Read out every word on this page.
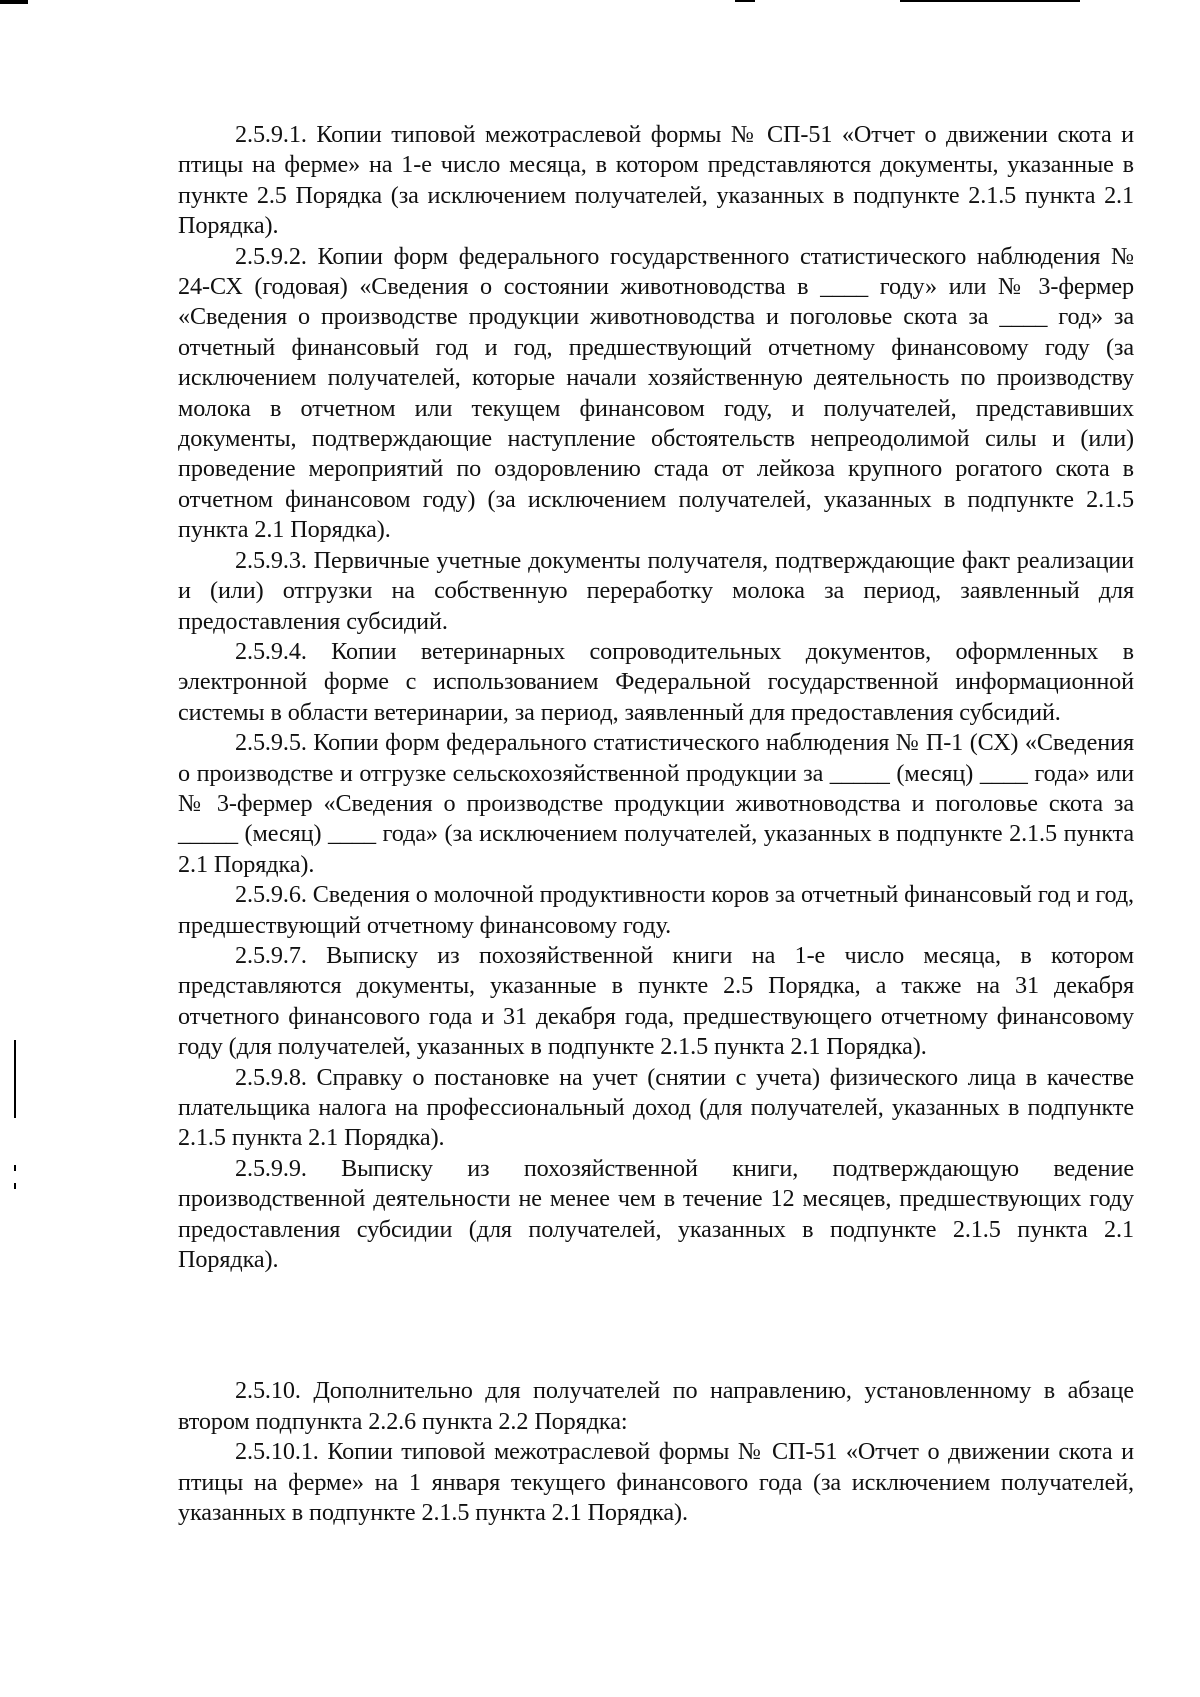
2.5.9.1. Копии типовой межотраслевой формы № СП-51 «Отчет о движении скота и птицы на ферме» на 1-е число месяца, в котором представляются документы, указанные в пункте 2.5 Порядка (за исключением получателей, указанных в подпункте 2.1.5 пункта 2.1 Порядка).

2.5.9.2. Копии форм федерального государственного статистического наблюдения № 24-СХ (годовая) «Сведения о состоянии животноводства в ____ году» или № 3-фермер «Сведения о производстве продукции животноводства и поголовье скота за ____ год» за отчетный финансовый год и год, предшествующий отчетному финансовому году (за исключением получателей, которые начали хозяйственную деятельность по производству молока в отчетном или текущем финансовом году, и получателей, представивших документы, подтверждающие наступление обстоятельств непреодолимой силы и (или) проведение мероприятий по оздоровлению стада от лейкоза крупного рогатого скота в отчетном финансовом году) (за исключением получателей, указанных в подпункте 2.1.5 пункта 2.1 Порядка).

2.5.9.3. Первичные учетные документы получателя, подтверждающие факт реализации и (или) отгрузки на собственную переработку молока за период, заявленный для предоставления субсидий.

2.5.9.4. Копии ветеринарных сопроводительных документов, оформленных в электронной форме с использованием Федеральной государственной информационной системы в области ветеринарии, за период, заявленный для предоставления субсидий.

2.5.9.5. Копии форм федерального статистического наблюдения № П-1 (СХ) «Сведения о производстве и отгрузке сельскохозяйственной продукции за _____ (месяц) ____ года» или № 3-фермер «Сведения о производстве продукции животноводства и поголовье скота за _____ (месяц) ____ года» (за исключением получателей, указанных в подпункте 2.1.5 пункта 2.1 Порядка).

2.5.9.6. Сведения о молочной продуктивности коров за отчетный финансовый год и год, предшествующий отчетному финансовому году.

2.5.9.7. Выписку из похозяйственной книги на 1-е число месяца, в котором представляются документы, указанные в пункте 2.5 Порядка, а также на 31 декабря отчетного финансового года и 31 декабря года, предшествующего отчетному финансовому году (для получателей, указанных в подпункте 2.1.5 пункта 2.1 Порядка).

2.5.9.8. Справку о постановке на учет (снятии с учета) физического лица в качестве плательщика налога на профессиональный доход (для получателей, указанных в подпункте 2.1.5 пункта 2.1 Порядка).

2.5.9.9. Выписку из похозяйственной книги, подтверждающую ведение производственной деятельности не менее чем в течение 12 месяцев, предшествующих году предоставления субсидии (для получателей, указанных в подпункте 2.1.5 пункта 2.1 Порядка).

2.5.10. Дополнительно для получателей по направлению, установленному в абзаце втором подпункта 2.2.6 пункта 2.2 Порядка:

2.5.10.1. Копии типовой межотраслевой формы № СП-51 «Отчет о движении скота и птицы на ферме» на 1 января текущего финансового года (за исключением получателей, указанных в подпункте 2.1.5 пункта 2.1 Порядка).
